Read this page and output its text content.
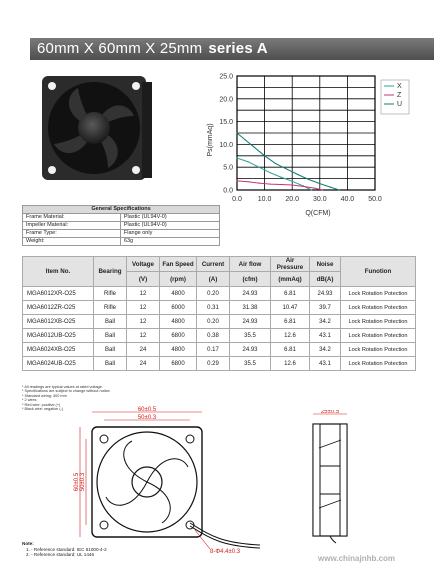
60mm X 60mm X 25mm series A
0.0
5.0
10.0
15.0
20.0
25.0
0.0 10.0 20.0 30.0 40.0 50.0
Ps(mmAq)
Q(CFM)
X
Z
U
General Specifications	
Frame Material:	Plastic (UL94V-0)
Impeller Material:	Plastic (UL94V-0)
Frame Type:	Flange only
Weight:	63g
Item No.	Bearing	Voltage	Fan Speed	Current	Air flow	Air Pressure	Noise	Funotion
		(V)	(rpm)	(A)	(cfm)	(mmAq)	dB(A)	
MGA6012XR-O25	Rifle	12	4800	0.20	24.93	6.81	24.93	Lock Rotation Potection
MGA6012ZR-O25	Rifle	12	6000	0.31	31.38	10.47	39.7	Lock Rotation Potection
MGA6012XB-O25	Ball	12	4800	0.20	24.93	6.81	34.2	Lock Rotation Potection
MGA6012UB-O25	Ball	12	6800	0.38	35.5	12.6	43.1	Lock Rotation Potection
MGA6024XB-O25	Ball	24	4800	0.17	24.93	6.81	34.2	Lock Rotation Potection
MGA6024UB-O25	Ball	24	6800	0.29	35.5	12.6	43.1	Lock Rotation Potection
* All readings are typical values at rated voltage.
* Specifications are subject to change without notice.
* Standard wiring: 300 mm
* 2 wires
* Red wire: positive (+)
* Black wire: negative (-)	60±0.5
50±0.3
60±0.5 50±0.3
8-Φ4.4±0.3
25±0.5
Note:
1. - Reference standard: IEC 61000-4-2
2. - Reference standard: UL 1446	www.chinajnhb.com
